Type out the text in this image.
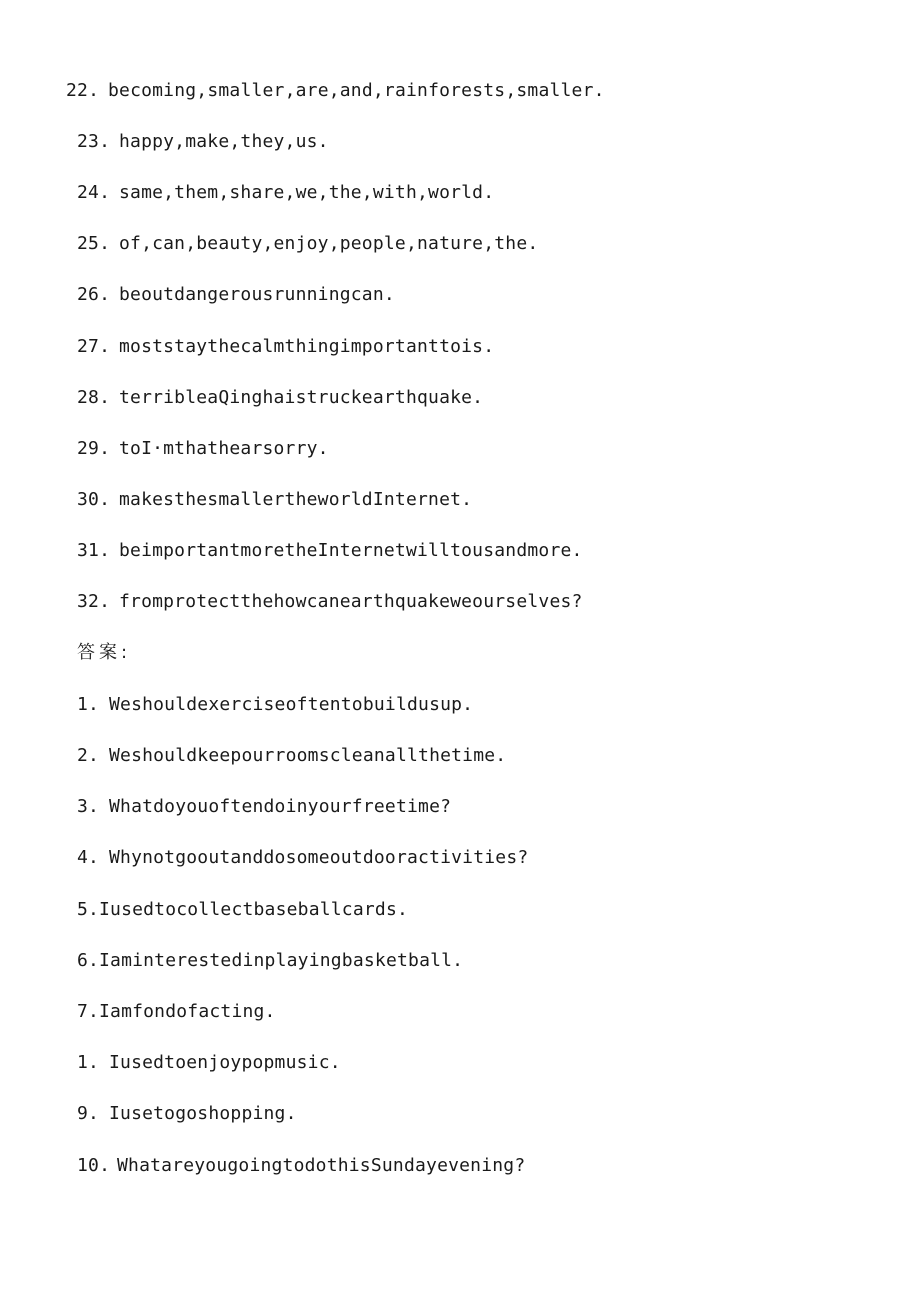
22. becoming,smaller,are,and,rainforests,smaller.
23. happy,make,they,us.
24. same,them,share,we,the,with,world.
25. of,can,beauty,enjoy,people,nature,the.
26. beoutdangerousrunningcan.
27. moststaythecalmthingimportanttois.
28. terribleaQinghaistruckearthquake.
29. toI·mthathearsorry.
30. makesthesmallertheworldInternet.
31. beimportantmoretheInternetwilltousandmore.
32. fromprotectthehowcanearthquakeweourselves?
答案:
1. Weshouldexerciseoftentobuildusup.
2. Weshouldkeepourroomscleanallthetime.
3. Whatdoyouoftendoinyourfreetime?
4. Whynotgooutanddosomeoutdooractivities?
5.Iusedtocollectbaseballcards.
6.Iaminterestedinplayingbasketball.
7.Iamfondofacting.
1. Iusedtoenjoypopmusic.
9. Iusetogoshopping.
10. WhatareyougoingtodothisSundayevening?
